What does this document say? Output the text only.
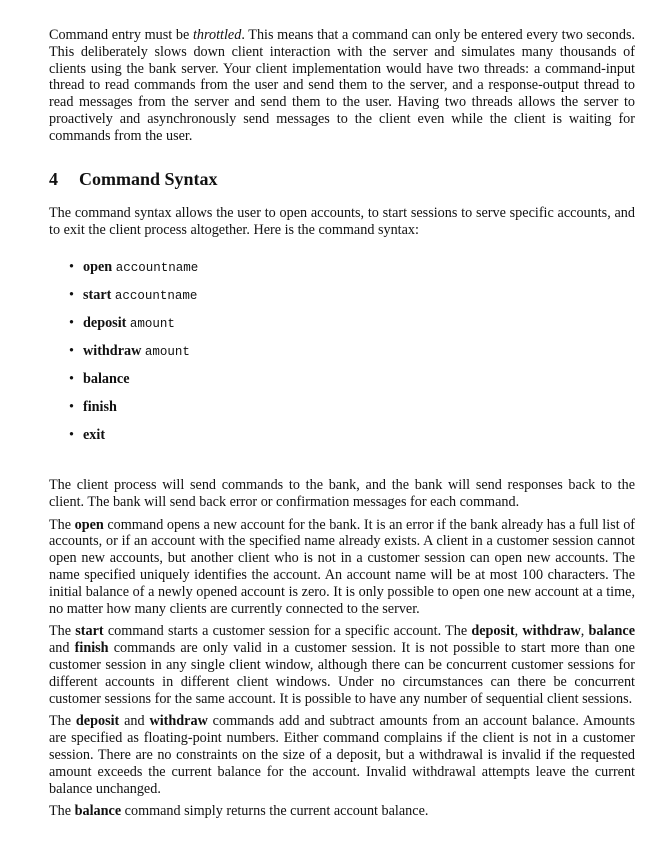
Command entry must be throttled. This means that a command can only be entered every two seconds. This deliberately slows down client interaction with the server and simulates many thousands of clients using the bank server. Your client implementation would have two threads: a command-input thread to read commands from the user and send them to the server, and a response-output thread to read messages from the server and send them to the user. Having two threads allows the server to proactively and asynchronously send messages to the client even while the client is waiting for commands from the user.

4 Command Syntax

The command syntax allows the user to open accounts, to start sessions to serve specific accounts, and to exit the client process altogether. Here is the command syntax:

• open accountname
• start accountname
• deposit amount
• withdraw amount
• balance
• finish
• exit

The client process will send commands to the bank, and the bank will send responses back to the client. The bank will send back error or confirmation messages for each command.

The open command opens a new account for the bank. It is an error if the bank already has a full list of accounts, or if an account with the specified name already exists. A client in a customer session cannot open new accounts, but another client who is not in a customer session can open new accounts. The name specified uniquely identifies the account. An account name will be at most 100 characters. The initial balance of a newly opened account is zero. It is only possible to open one new account at a time, no matter how many clients are currently connected to the server.

The start command starts a customer session for a specific account. The deposit, withdraw, balance and finish commands are only valid in a customer session. It is not possible to start more than one customer session in any single client window, although there can be concurrent customer sessions for different accounts in different client windows. Under no circumstances can there be concurrent customer sessions for the same account. It is possible to have any number of sequential client sessions.

The deposit and withdraw commands add and subtract amounts from an account balance. Amounts are specified as floating-point numbers. Either command complains if the client is not in a customer session. There are no constraints on the size of a deposit, but a withdrawal is invalid if the requested amount exceeds the current balance for the account. Invalid withdrawal attempts leave the current balance unchanged.

The balance command simply returns the current account balance.
